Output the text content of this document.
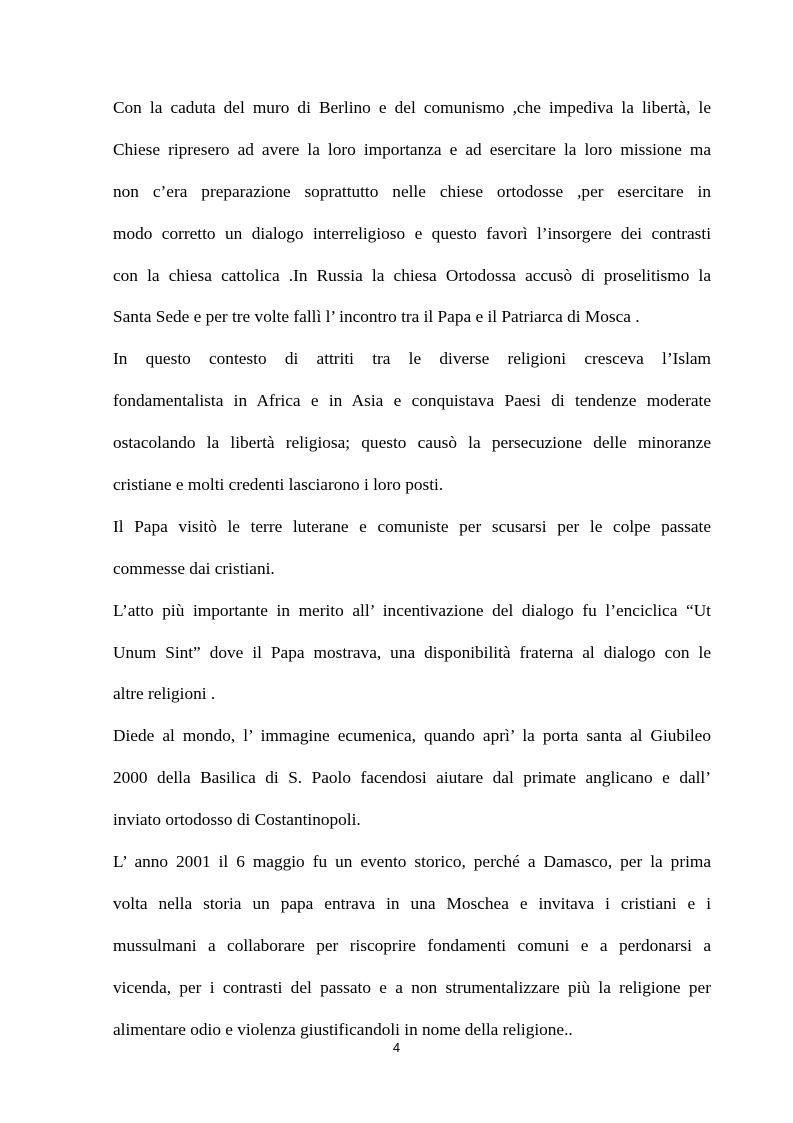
Con la caduta del muro di Berlino e del comunismo ,che impediva la libertà, le
Chiese ripresero ad avere la loro importanza e ad esercitare la loro missione ma
non c’era preparazione soprattutto nelle chiese ortodosse ,per esercitare in
modo corretto un dialogo interreligioso e questo favorì l’insorgere dei contrasti
con la chiesa cattolica .In Russia la chiesa Ortodossa accusò di proselitismo la
Santa Sede e per tre volte fallì l’ incontro tra il Papa e il Patriarca di Mosca .
In questo contesto di attriti tra le diverse religioni cresceva l’Islam
fondamentalista in Africa e in Asia e conquistava Paesi di tendenze moderate
ostacolando la libertà religiosa; questo causò la persecuzione delle minoranze
cristiane e molti credenti lasciarono i loro posti.
Il Papa visitò le terre luterane e comuniste per scusarsi per le colpe passate
commesse dai cristiani.
L’atto più importante in merito all’ incentivazione del dialogo fu l’enciclica “Ut
Unum Sint” dove il Papa mostrava, una disponibilità fraterna al dialogo con le
altre religioni .
Diede al mondo, l’ immagine ecumenica, quando aprì’ la porta santa al Giubileo
2000 della Basilica di S. Paolo facendosi aiutare dal primate anglicano e dall’
inviato ortodosso di Costantinopoli.
L’ anno 2001 il 6 maggio fu un evento storico, perché a Damasco, per la prima
volta nella storia un papa entrava in una Moschea e invitava i cristiani e i
mussulmani a collaborare per riscoprire fondamenti comuni e a perdonarsi a
vicenda, per i contrasti del passato e a non strumentalizzare più la religione per
alimentare odio e violenza giustificandoli in nome della religione..
4
